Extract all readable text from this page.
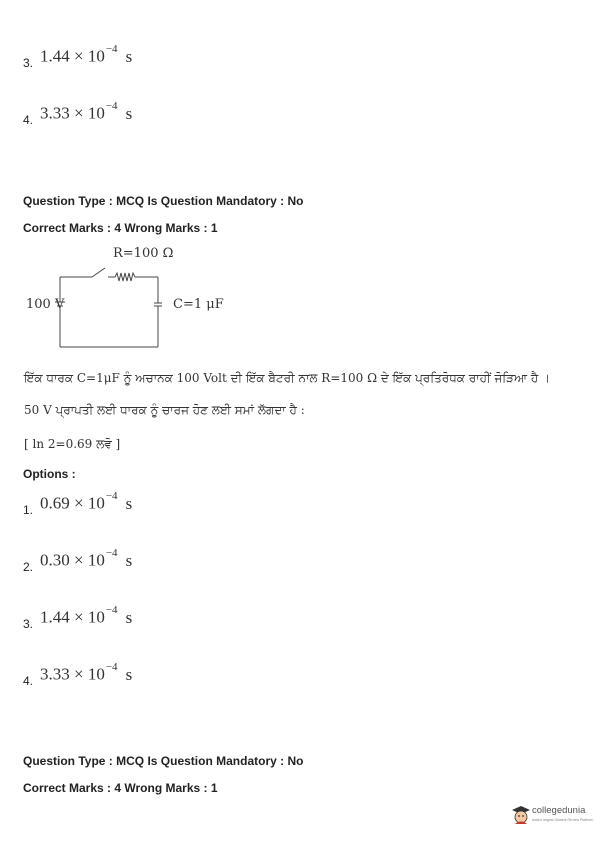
3. $1.44 \times 10^{-4}$ s
4. $3.33 \times 10^{-4}$ s
Question Type : MCQ Is Question Mandatory : No
Correct Marks : 4 Wrong Marks : 1
R=100 Ω
100 V	C=1 μF
ਇੱਕ ਧਾਰਕ C=1μF ਨੂੰ ਅਚਾਨਕ 100 Volt ਦੀ ਇੱਕ ਬੈਟਰੀ ਨਾਲ R=100 Ω ਦੇ ਇੱਕ ਪ੍ਰਤਿਰੋਧਕ ਰਾਹੀਂ ਜੋੜਿਆ ਹੈ ।
50 V ਪ੍ਰਾਪਤੀ ਲਈ ਧਾਰਕ ਨੂੰ ਚਾਰਜ ਹੋਣ ਲਈ ਸਮਾਂ ਲੱਗਦਾ ਹੈ :
[ ln 2=0.69 ਲਵੋ ]
Options :
1. $0.69 \times 10^{-4}$ s
2. $0.30 \times 10^{-4}$ s
3. $1.44 \times 10^{-4}$ s
4. $3.33 \times 10^{-4}$ s
Question Type : MCQ Is Question Mandatory : No
Correct Marks : 4 Wrong Marks : 1
collegedunia
India's largest Student Review Platform
